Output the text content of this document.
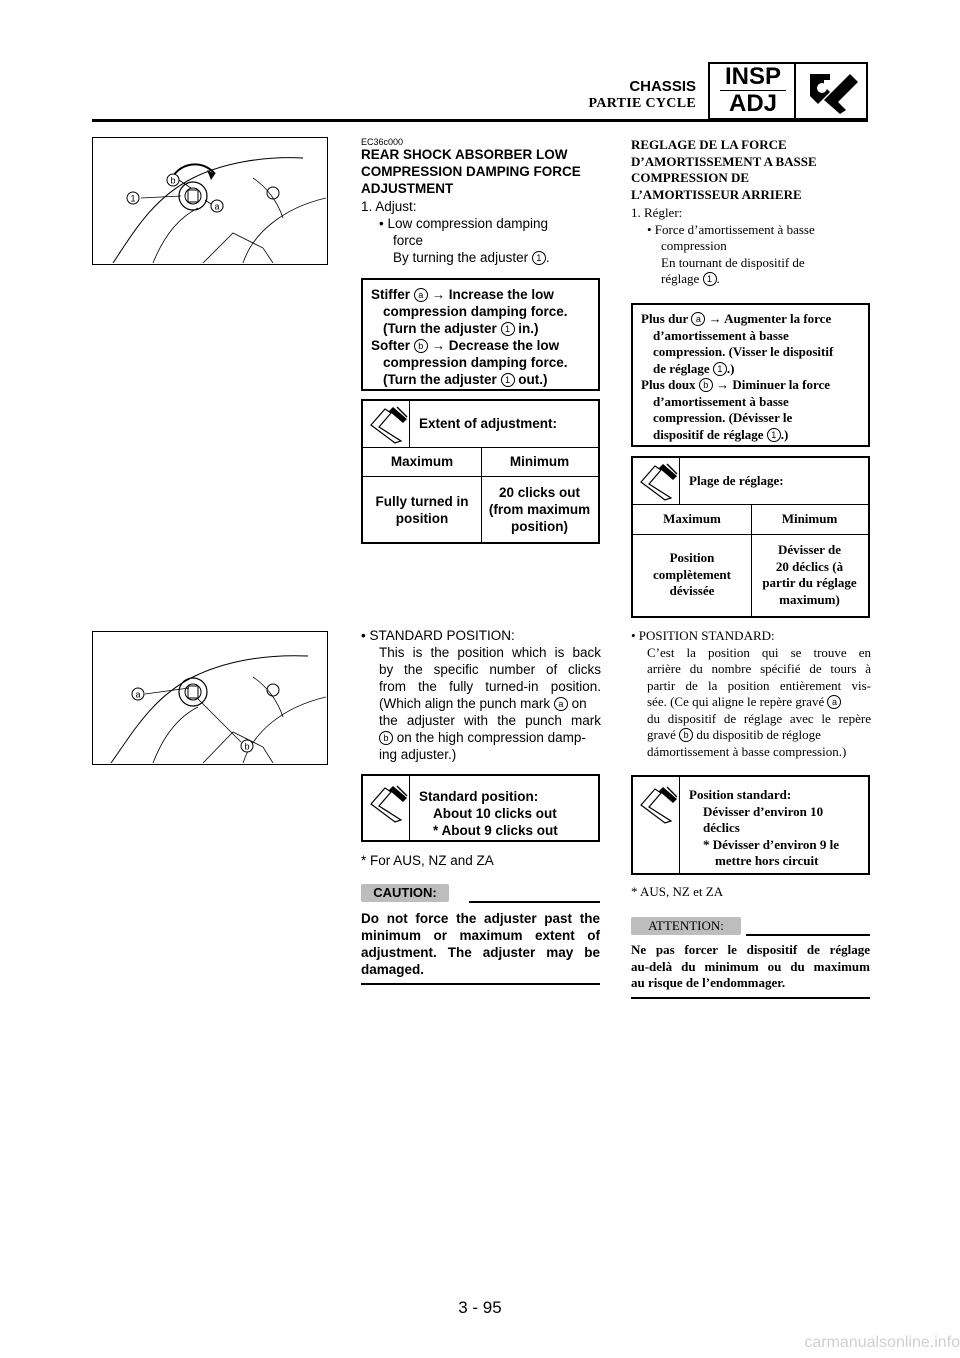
CHASSIS
PARTIE CYCLE
INSP
ADJ
1
b
a
a
b
EC36c000
REAR SHOCK ABSORBER LOW
COMPRESSION DAMPING FORCE
ADJUSTMENT
1. Adjust:
• Low compression damping
force
By turning the adjuster 1 .
Stiffer a → Increase the low
compression damping force.
(Turn the adjuster 1 in.)
Softer b → Decrease the low
compression damping force.
(Turn the adjuster 1 out.)
Extent of adjustment:
Maximum	Minimum
Fully turned in
position
20 clicks out
(from maximum
position)
• STANDARD POSITION:
This is the position which is back
by the specific number of clicks
from the fully turned-in position.
(Which align the punch mark a on
the adjuster with the punch mark
b on the high compression damp-
ing adjuster.)
Standard position:
About 10 clicks out
* About 9 clicks out
* For AUS, NZ and ZA
CAUTION:
Do not force the adjuster past the
minimum or maximum extent of
adjustment. The adjuster may be
damaged.
REGLAGE DE LA FORCE
D’AMORTISSEMENT A BASSE
COMPRESSION DE
L’AMORTISSEUR ARRIERE
1. Régler:
• Force d’amortissement à basse
compression
En tournant de dispositif de
réglage 1 .
Plus dur a → Augmenter la force
d’amortissement à basse
compression. (Visser le dispositif
de réglage 1 .)
Plus doux b → Diminuer la force
d’amortissement à basse
compression. (Dévisser le
dispositif de réglage 1 .)
Plage de réglage:
Maximum	Minimum
Position
complètement
dévissée
Dévisser de
20 déclics (à
partir du réglage
maximum)
• POSITION STANDARD:
C’est la position qui se trouve en
arrière du nombre spécifié de tours à
partir de la position entièrement vis-
sée. (Ce qui aligne le repère gravé a
du dispositif de réglage avec le repère
gravé b du dispositib de régloge
dámortissement à basse compression.)
Position standard:
Dévisser d’environ 10
déclics
* Dévisser d’environ 9 le
mettre hors circuit
* AUS, NZ et ZA
ATTENTION:
Ne pas forcer le dispositif de réglage
au-delà du minimum ou du maximum
au risque de l’endommager.
3 - 95
carmanualsonline.info
